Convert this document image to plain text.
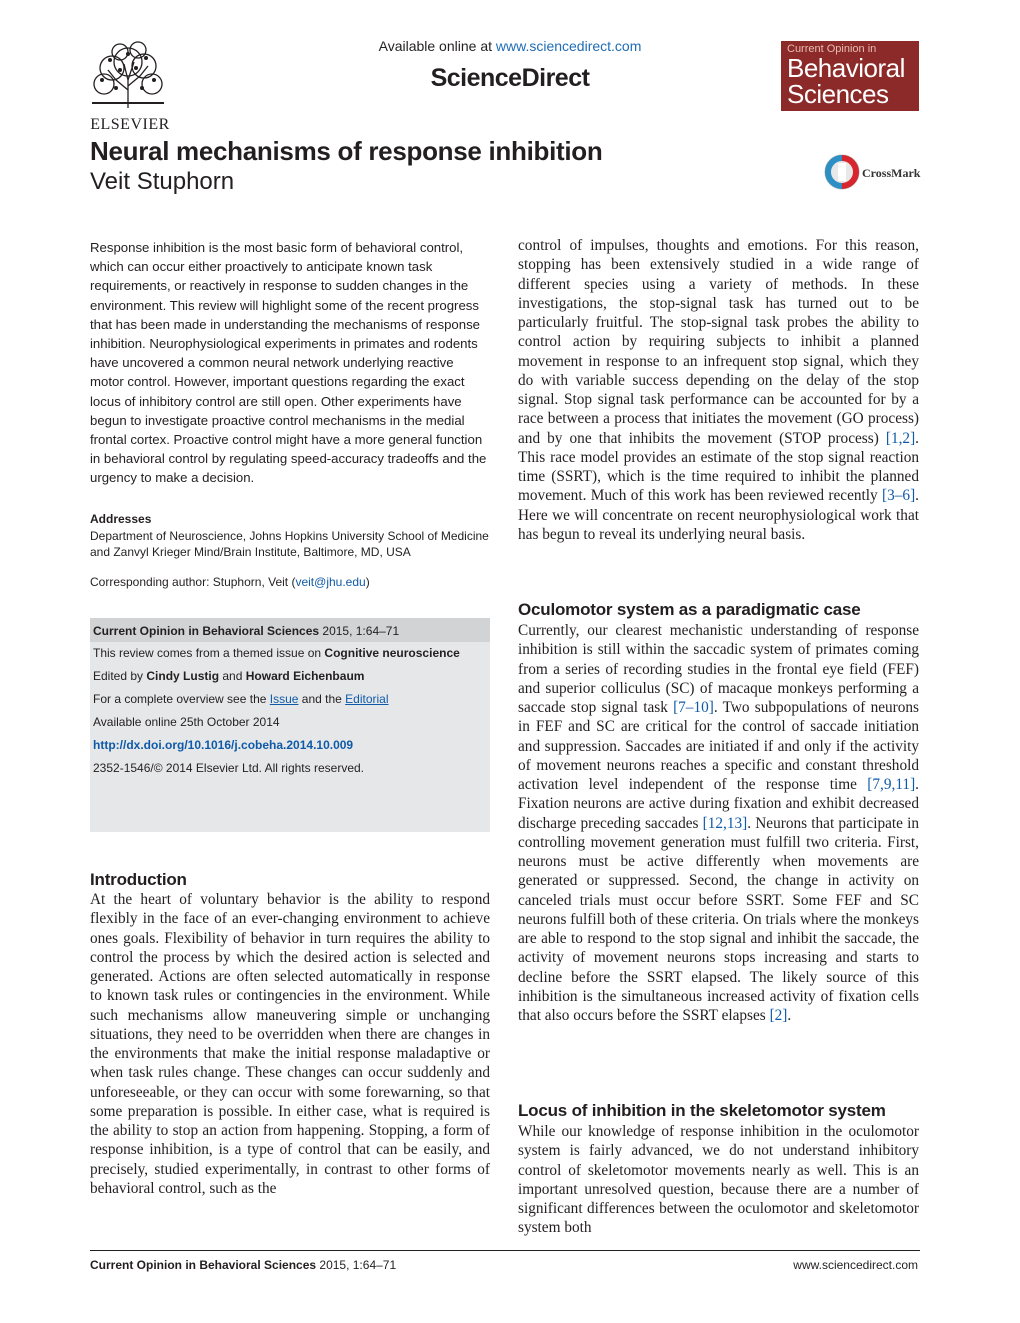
ELSEVIER
Available online at www.sciencedirect.com
ScienceDirect
Current Opinion in
Behavioral
Sciences
Neural mechanisms of response inhibition
Veit Stuphorn	CrossMark
Response inhibition is the most basic form of behavioral control, which can occur either proactively to anticipate known task requirements, or reactively in response to sudden changes in the environment. This review will highlight some of the recent progress that has been made in understanding the mechanisms of response inhibition. Neurophysiological experiments in primates and rodents have uncovered a common neural network underlying reactive motor control. However, important questions regarding the exact locus of inhibitory control are still open. Other experiments have begun to investigate proactive control mechanisms in the medial frontal cortex. Proactive control might have a more general function in behavioral control by regulating speed-accuracy tradeoffs and the urgency to make a decision.
Addresses
Department of Neuroscience, Johns Hopkins University School of Medicine and Zanvyl Krieger Mind/Brain Institute, Baltimore, MD, USA
Corresponding author: Stuphorn, Veit (veit@jhu.edu)
Current Opinion in Behavioral Sciences 2015, 1:64–71
This review comes from a themed issue on Cognitive neuroscience
Edited by Cindy Lustig and Howard Eichenbaum
For a complete overview see the Issue and the Editorial
Available online 25th October 2014
http://dx.doi.org/10.1016/j.cobeha.2014.10.009
2352-1546/© 2014 Elsevier Ltd. All rights reserved.
Introduction
At the heart of voluntary behavior is the ability to respond flexibly in the face of an ever-changing environment to achieve ones goals. Flexibility of behavior in turn requires the ability to control the process by which the desired action is selected and generated. Actions are often selected automatically in response to known task rules or contingencies in the environment. While such mechanisms allow maneuvering simple or unchanging situations, they need to be overridden when there are changes in the environments that make the initial response maladaptive or when task rules change. These changes can occur suddenly and unforeseeable, or they can occur with some forewarning, so that some preparation is possible. In either case, what is required is the ability to stop an action from happening. Stopping, a form of response inhibition, is a type of control that can be easily, and precisely, studied experimentally, in contrast to other forms of behavioral control, such as the
control of impulses, thoughts and emotions. For this reason, stopping has been extensively studied in a wide range of different species using a variety of methods. In these investigations, the stop-signal task has turned out to be particularly fruitful. The stop-signal task probes the ability to control action by requiring subjects to inhibit a planned movement in response to an infrequent stop signal, which they do with variable success depending on the delay of the stop signal. Stop signal task performance can be accounted for by a race between a process that initiates the movement (GO process) and by one that inhibits the movement (STOP process) [1,2]. This race model provides an estimate of the stop signal reaction time (SSRT), which is the time required to inhibit the planned movement. Much of this work has been reviewed recently [3–6]. Here we will concentrate on recent neurophysiological work that has begun to reveal its underlying neural basis.
Oculomotor system as a paradigmatic case
Currently, our clearest mechanistic understanding of response inhibition is still within the saccadic system of primates coming from a series of recording studies in the frontal eye field (FEF) and superior colliculus (SC) of macaque monkeys performing a saccade stop signal task [7–10]. Two subpopulations of neurons in FEF and SC are critical for the control of saccade initiation and suppression. Saccades are initiated if and only if the activity of movement neurons reaches a specific and constant threshold activation level independent of the response time [7,9,11]. Fixation neurons are active during fixation and exhibit decreased discharge preceding saccades [12,13]. Neurons that participate in controlling movement generation must fulfill two criteria. First, neurons must be active differently when movements are generated or suppressed. Second, the change in activity on canceled trials must occur before SSRT. Some FEF and SC neurons fulfill both of these criteria. On trials where the monkeys are able to respond to the stop signal and inhibit the saccade, the activity of movement neurons stops increasing and starts to decline before the SSRT elapsed. The likely source of this inhibition is the simultaneous increased activity of fixation cells that also occurs before the SSRT elapses [2].
Locus of inhibition in the skeletomotor system
While our knowledge of response inhibition in the oculomotor system is fairly advanced, we do not understand inhibitory control of skeletomotor movements nearly as well. This is an important unresolved question, because there are a number of significant differences between the oculomotor and skeletomotor system both
Current Opinion in Behavioral Sciences 2015, 1:64–71	www.sciencedirect.com
